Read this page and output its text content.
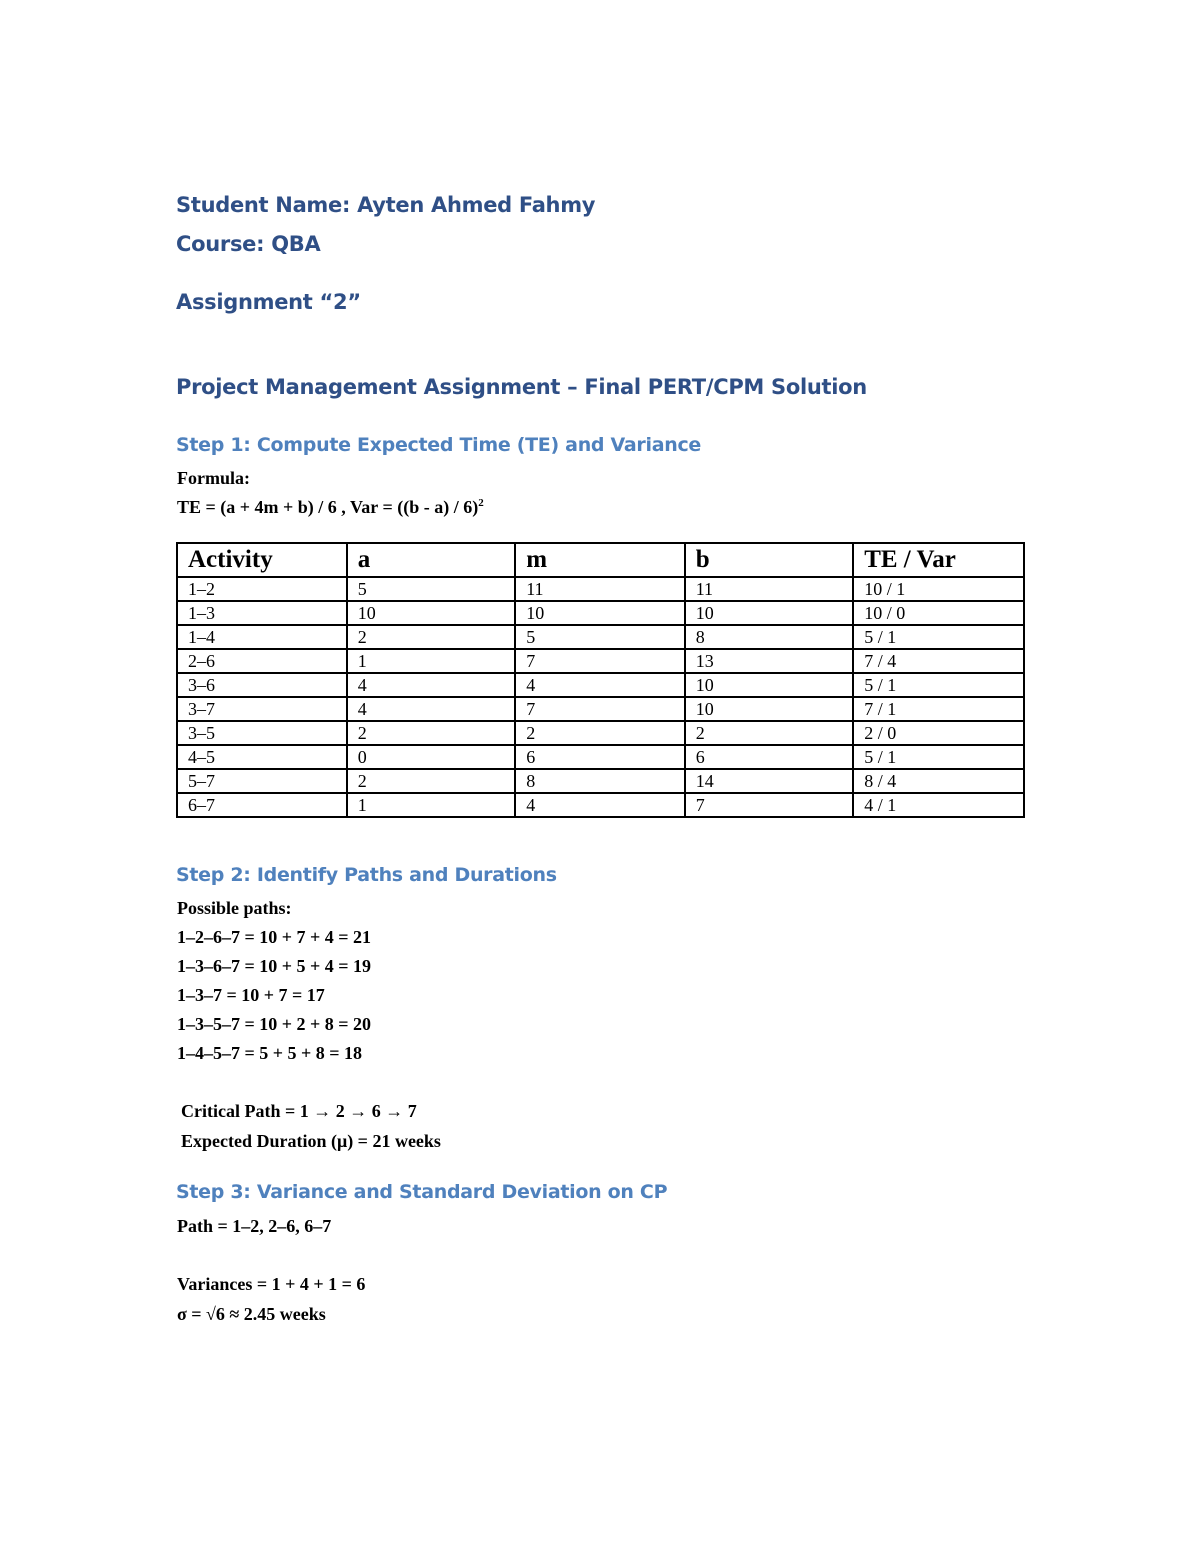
Student Name: Ayten Ahmed Fahmy

Course: QBA

Assignment “2”

Project Management Assignment – Final PERT/CPM Solution

Step 1: Compute Expected Time (TE) and Variance

Formula:

TE = (a + 4m + b) / 6 , Var = ((b - a) / 6)$^2$

Activity	a	m	b	TE / Var
1–2	5	11	11	10 / 1
1–3	10	10	10	10 / 0
1–4	2	5	8	5 / 1
2–6	1	7	13	7 / 4
3–6	4	4	10	5 / 1
3–7	4	7	10	7 / 1
3–5	2	2	2	2 / 0
4–5	0	6	6	5 / 1
5–7	2	8	14	8 / 4
6–7	1	4	7	4 / 1

Step 2: Identify Paths and Durations

Possible paths:

1–2–6–7 = 10 + 7 + 4 = 21

1–3–6–7 = 10 + 5 + 4 = 19

1–3–7 = 10 + 7 = 17

1–3–5–7 = 10 + 2 + 8 = 20

1–4–5–7 = 5 + 5 + 8 = 18

Critical Path = 1 → 2 → 6 → 7

Expected Duration (μ) = 21 weeks

Step 3: Variance and Standard Deviation on CP

Path = 1–2, 2–6, 6–7

Variances = 1 + 4 + 1 = 6

σ = √6 ≈ 2.45 weeks
